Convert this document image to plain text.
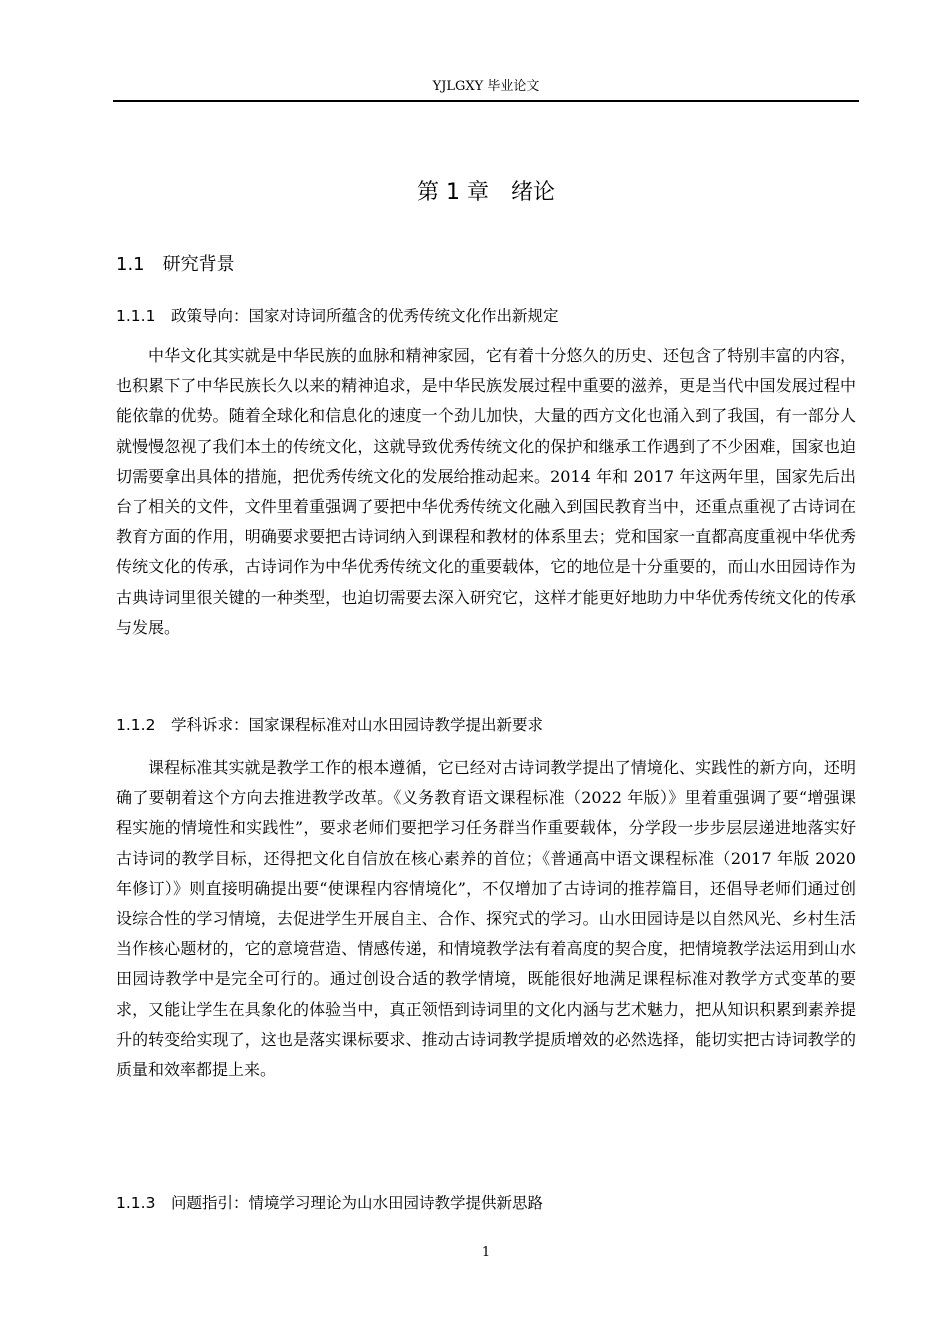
YJLGXY 毕业论文
第 1 章　绪论
1.1　研究背景
1.1.1　政策导向：国家对诗词所蕴含的优秀传统文化作出新规定

中华文化其实就是中华民族的血脉和精神家园，它有着十分悠久的历史、还包含了特别丰富的内容，也积累下了中华民族长久以来的精神追求，是中华民族发展过程中重要的滋养，更是当代中国发展过程中能依靠的优势。随着全球化和信息化的速度一个劲儿加快，大量的西方文化也涌入到了我国，有一部分人就慢慢忽视了我们本土的传统文化，这就导致优秀传统文化的保护和继承工作遇到了不少困难，国家也迫切需要拿出具体的措施，把优秀传统文化的发展给推动起来。2014 年和 2017 年这两年里，国家先后出台了相关的文件，文件里着重强调了要把中华优秀传统文化融入到国民教育当中，还重点重视了古诗词在教育方面的作用，明确要求要把古诗词纳入到课程和教材的体系里去；党和国家一直都高度重视中华优秀传统文化的传承，古诗词作为中华优秀传统文化的重要载体，它的地位是十分重要的，而山水田园诗作为古典诗词里很关键的一种类型，也迫切需要去深入研究它，这样才能更好地助力中华优秀传统文化的传承与发展。

1.1.2　学科诉求：国家课程标准对山水田园诗教学提出新要求

课程标准其实就是教学工作的根本遵循，它已经对古诗词教学提出了情境化、实践性的新方向，还明确了要朝着这个方向去推进教学改革。《义务教育语文课程标准（2022 年版）》里着重强调了要“增强课程实施的情境性和实践性”，要求老师们要把学习任务群当作重要载体，分学段一步步层层递进地落实好古诗词的教学目标，还得把文化自信放在核心素养的首位；《普通高中语文课程标准（2017 年版 2020 年修订）》则直接明确提出要“使课程内容情境化”，不仅增加了古诗词的推荐篇目，还倡导老师们通过创设综合性的学习情境，去促进学生开展自主、合作、探究式的学习。山水田园诗是以自然风光、乡村生活当作核心题材的，它的意境营造、情感传递，和情境教学法有着高度的契合度，把情境教学法运用到山水田园诗教学中是完全可行的。通过创设合适的教学情境，既能很好地满足课程标准对教学方式变革的要求，又能让学生在具象化的体验当中，真正领悟到诗词里的文化内涵与艺术魅力，把从知识积累到素养提升的转变给实现了，这也是落实课标要求、推动古诗词教学提质增效的必然选择，能切实把古诗词教学的质量和效率都提上来。

1.1.3　问题指引：情境学习理论为山水田园诗教学提供新思路
1
